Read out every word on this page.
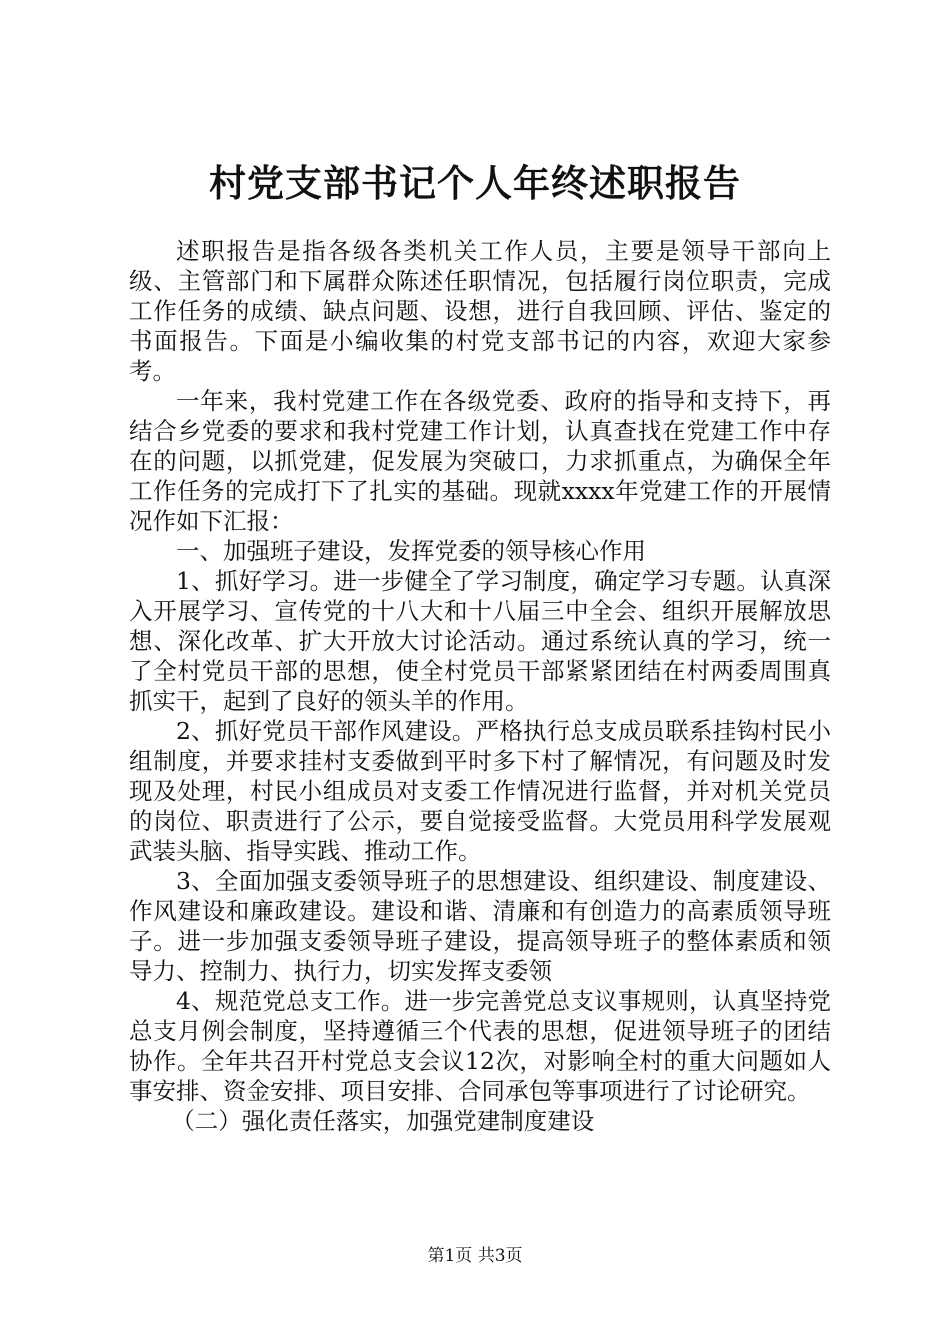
村党支部书记个人年终述职报告

述职报告是指各级各类机关工作人员，主要是领导干部向上级、主管部门和下属群众陈述任职情况，包括履行岗位职责，完成工作任务的成绩、缺点问题、设想，进行自我回顾、评估、鉴定的书面报告。下面是小编收集的村党支部书记的内容，欢迎大家参考。

一年来，我村党建工作在各级党委、政府的指导和支持下，再结合乡党委的要求和我村党建工作计划，认真查找在党建工作中存在的问题，以抓党建，促发展为突破口，力求抓重点，为确保全年工作任务的完成打下了扎实的基础。现就xxxx年党建工作的开展情况作如下汇报：

一、加强班子建设，发挥党委的领导核心作用

1、抓好学习。进一步健全了学习制度，确定学习专题。认真深入开展学习、宣传党的十八大和十八届三中全会、组织开展解放思想、深化改革、扩大开放大讨论活动。通过系统认真的学习，统一了全村党员干部的思想，使全村党员干部紧紧团结在村两委周围真抓实干，起到了良好的领头羊的作用。

2、抓好党员干部作风建设。严格执行总支成员联系挂钩村民小组制度，并要求挂村支委做到平时多下村了解情况，有问题及时发现及处理，村民小组成员对支委工作情况进行监督，并对机关党员的岗位、职责进行了公示，要自觉接受监督。大党员用科学发展观武装头脑、指导实践、推动工作。

3、全面加强支委领导班子的思想建设、组织建设、制度建设、作风建设和廉政建设。建设和谐、清廉和有创造力的高素质领导班子。进一步加强支委领导班子建设，提高领导班子的整体素质和领导力、控制力、执行力，切实发挥支委领

4、规范党总支工作。进一步完善党总支议事规则，认真坚持党总支月例会制度，坚持遵循三个代表的思想，促进领导班子的团结协作。全年共召开村党总支会议12次，对影响全村的重大问题如人事安排、资金安排、项目安排、合同承包等事项进行了讨论研究。

（二）强化责任落实，加强党建制度建设

第1页 共3页
